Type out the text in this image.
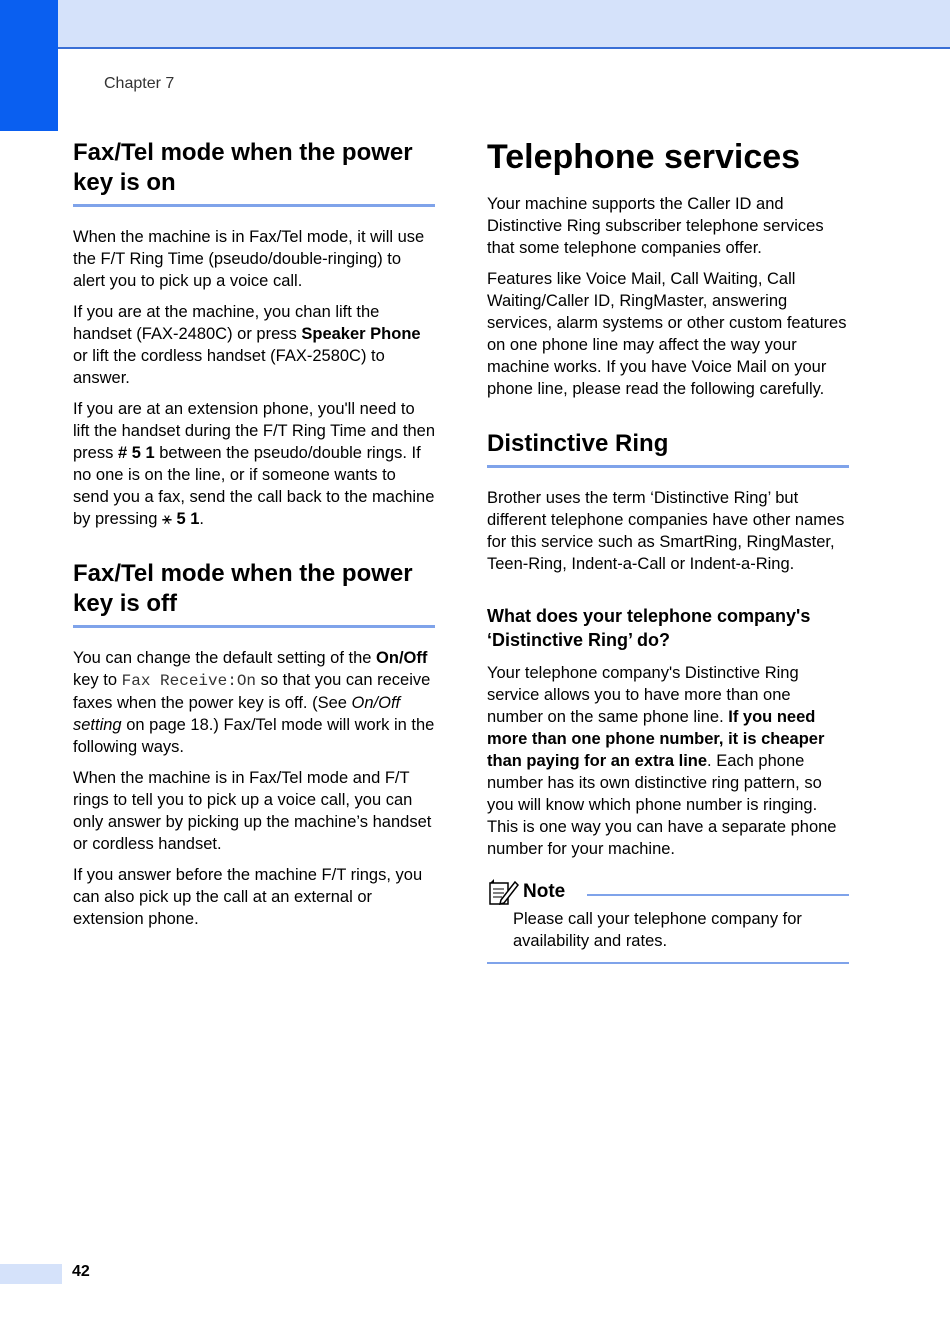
Chapter 7
Fax/Tel mode when the power key is on

When the machine is in Fax/Tel mode, it will use the F/T Ring Time (pseudo/double-ringing) to alert you to pick up a voice call.

If you are at the machine, you chan lift the handset (FAX-2480C) or press Speaker Phone or lift the cordless handset (FAX-2580C) to answer.

If you are at an extension phone, you'll need to lift the handset during the F/T Ring Time and then press # 5 1 between the pseudo/double rings. If no one is on the line, or if someone wants to send you a fax, send the call back to the machine by pressing ⚹ 5 1.

Fax/Tel mode when the power key is off

You can change the default setting of the On/Off key to Fax Receive:On so that you can receive faxes when the power key is off. (See On/Off setting on page 18.) Fax/Tel mode will work in the following ways.

When the machine is in Fax/Tel mode and F/T rings to tell you to pick up a voice call, you can only answer by picking up the machine’s handset or cordless handset.

If you answer before the machine F/T rings, you can also pick up the call at an external or extension phone.

Telephone services

Your machine supports the Caller ID and Distinctive Ring subscriber telephone services that some telephone companies offer.

Features like Voice Mail, Call Waiting, Call Waiting/Caller ID, RingMaster, answering services, alarm systems or other custom features on one phone line may affect the way your machine works. If you have Voice Mail on your phone line, please read the following carefully.

Distinctive Ring

Brother uses the term ‘Distinctive Ring’ but different telephone companies have other names for this service such as SmartRing, RingMaster, Teen-Ring, Indent-a-Call or Indent-a-Ring.

What does your telephone company's ‘Distinctive Ring’ do?

Your telephone company's Distinctive Ring service allows you to have more than one number on the same phone line. If you need more than one phone number, it is cheaper than paying for an extra line. Each phone number has its own distinctive ring pattern, so you will know which phone number is ringing. This is one way you can have a separate phone number for your machine.

Note

Please call your telephone company for availability and rates.

42
